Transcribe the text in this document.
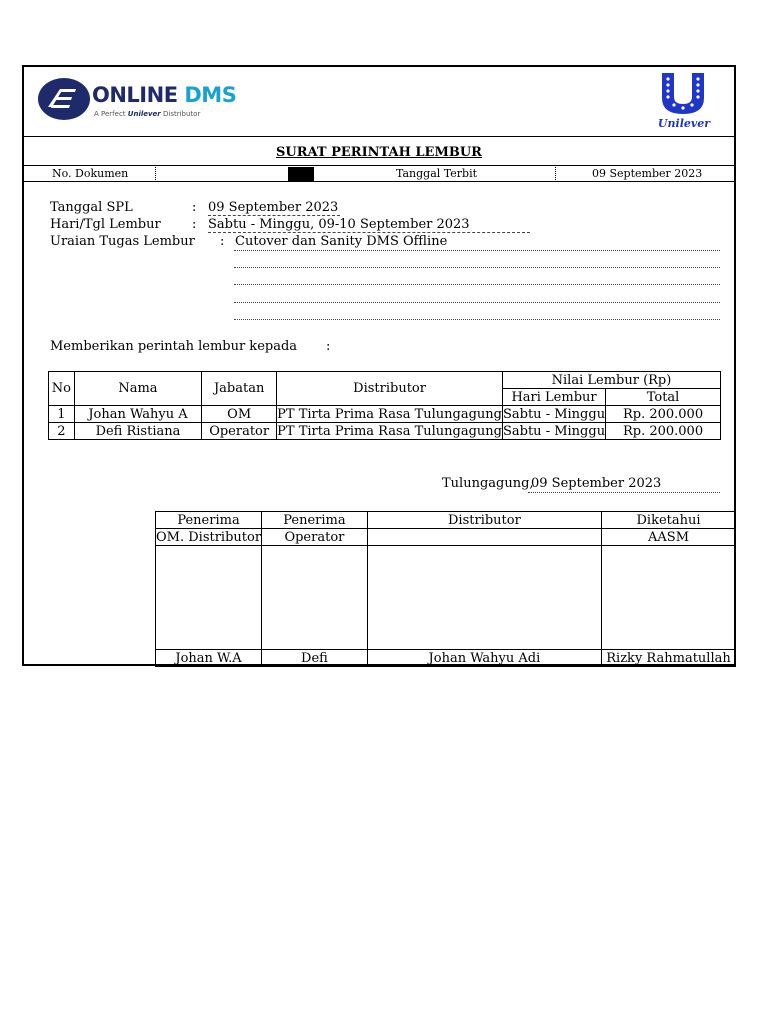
ONLINE DMS
A Perfect Unilever Distributor
Unilever
SURAT PERINTAH LEMBUR
No. Dokumen	Tanggal Terbit	09 September 2023
Tanggal SPL	: 09 September 2023
Hari/Tgl Lembur : Sabtu - Minggu, 09-10 September 2023
Uraian Tugas Lembur : Cutover dan Sanity DMS Offline
Memberikan perintah lembur kepada :
No	Nama	Jabatan	Distributor	Nilai Lembur (Rp)	
				Hari Lembur	Total
1	Johan Wahyu A	OM	PT Tirta Prima Rasa Tulungagung	Sabtu - Minggu	Rp. 200.000
2	Defi Ristiana	Operator	PT Tirta Prima Rasa Tulungagung	Sabtu - Minggu	Rp. 200.000
Tulungagung,
09 September 2023
Penerima	Penerima	Distributor	Diketahui
OM. Distributor	Operator		AASM

Johan W.A	Defi	Johan Wahyu Adi	Rizky Rahmatullah
